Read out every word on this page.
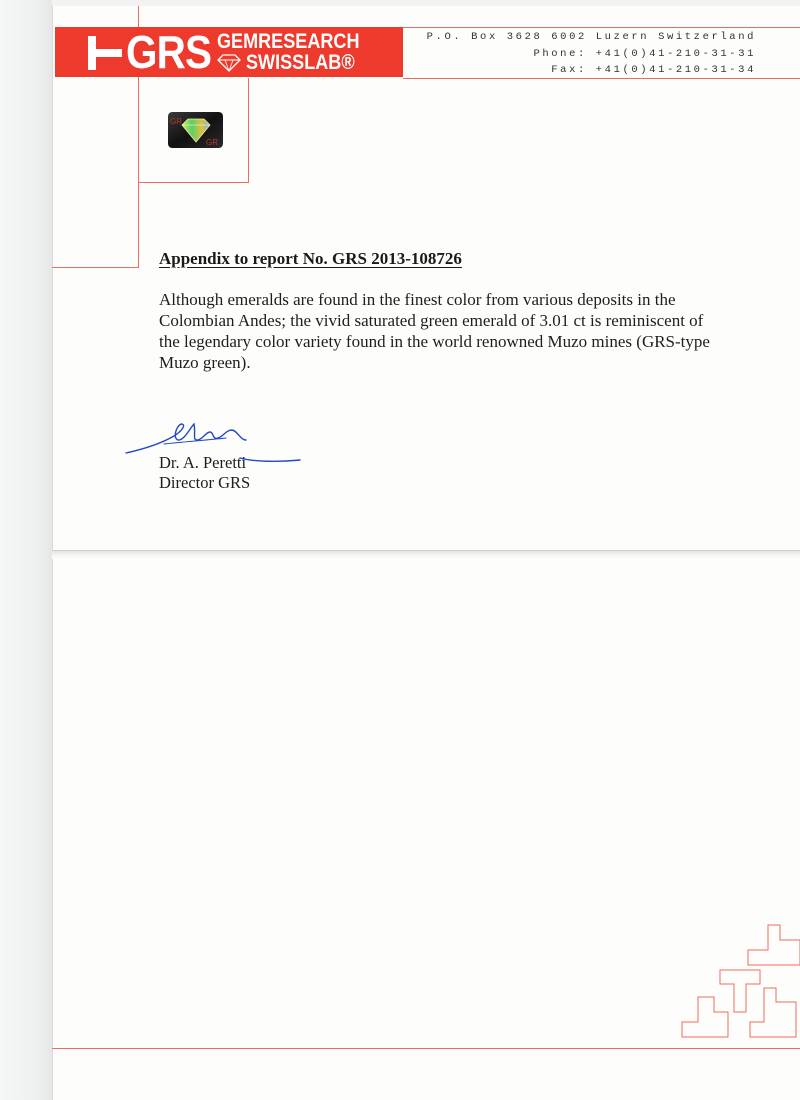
GRS GEMRESEARCH
SWISSLAB®
P.O. Box 3628 6002 Luzern Switzerland
Phone: +41(0)41-210-31-31
Fax: +41(0)41-210-31-34
GR
GR
Appendix to report No. GRS 2013-108726
Although emeralds are found in the finest color from various deposits in the Colombian Andes; the vivid saturated green emerald of 3.01 ct is reminiscent of the legendary color variety found in the world renowned Muzo mines (GRS-type Muzo green).
Dr. A. Peretti
Director GRS
